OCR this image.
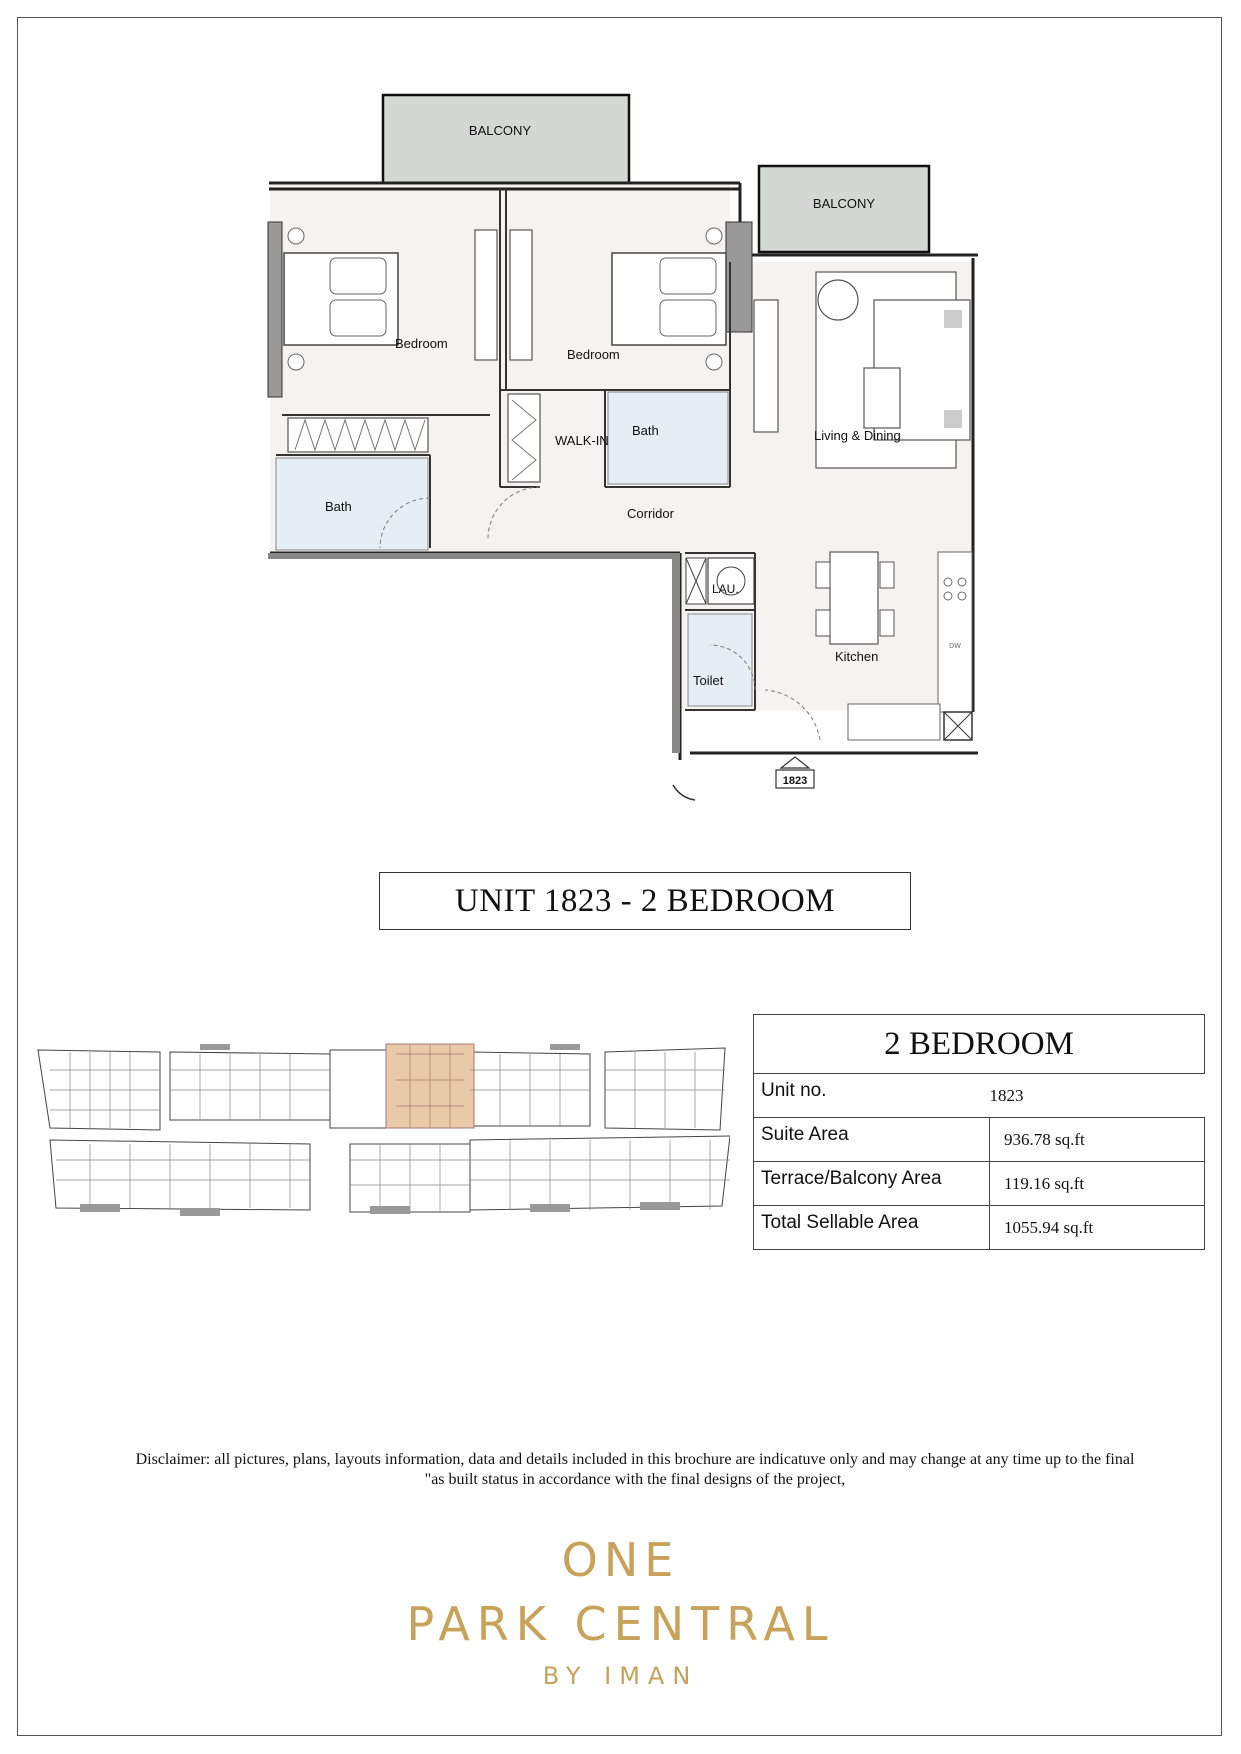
BALCONY
BALCONY
Bedroom
Bedroom
Living & Dining
WALK-IN
Bath
Bath	Corridor
LAU.
Kitchen
Toilet
DW
1823
UNIT 1823 - 2 BEDROOM
2 BEDROOM	
Unit no.	1823
Suite Area	936.78 sq.ft
Terrace/Balcony Area	119.16 sq.ft
Total Sellable Area	1055.94 sq.ft
Disclaimer: all pictures, plans, layouts information, data and details included in this brochure are indicatuve only and may change at any time up to the final
"as built status in accordance with the final designs of the project,
ONE
PARK CENTRAL
BY IMAN
